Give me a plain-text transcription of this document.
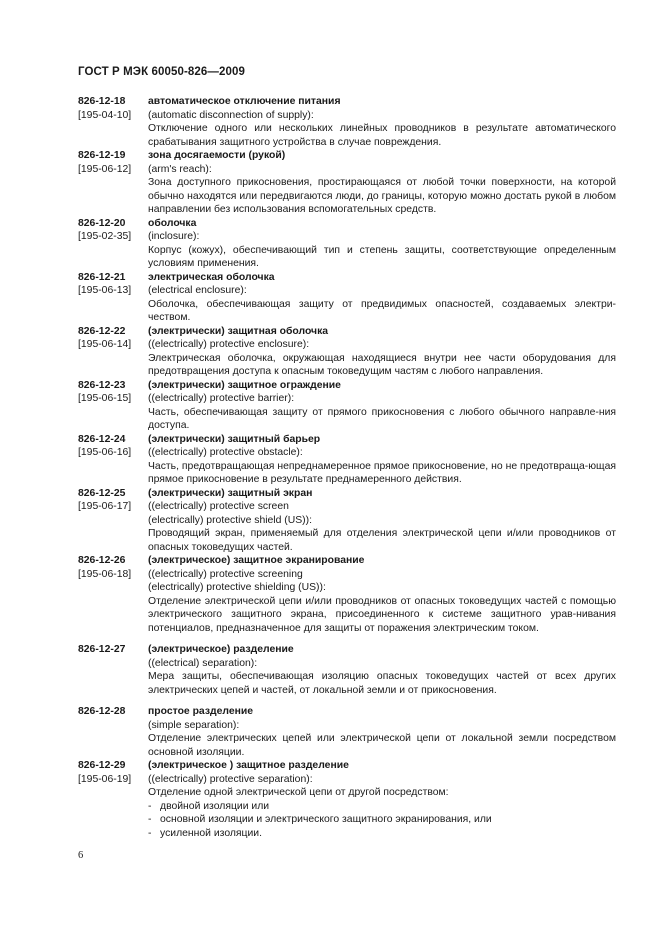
ГОСТ Р МЭК 60050-826—2009
826-12-18
[195-04-10]
автоматическое отключение питания
(automatic disconnection of supply):
Отключение одного или нескольких линейных проводников в результате автоматического срабатывания защитного устройства в случае повреждения.
826-12-19
[195-06-12]
зона досягаемости (рукой)
(arm's reach):
Зона доступного прикосновения, простирающаяся от любой точки поверхности, на которой обычно находятся или передвигаются люди, до границы, которую можно достать рукой в любом направлении без использования вспомогательных средств.
826-12-20
[195-02-35]
оболочка
(inclosure):
Корпус (кожух), обеспечивающий тип и степень защиты, соответствующие определенным условиям применения.
826-12-21
[195-06-13]
электрическая оболочка
(electrical enclosure):
Оболочка, обеспечивающая защиту от предвидимых опасностей, создаваемых электри-чеством.
826-12-22
[195-06-14]
(электрически) защитная оболочка
((electrically) protective enclosure):
Электрическая оболочка, окружающая находящиеся внутри нее части оборудования для предотвращения доступа к опасным токоведущим частям с любого направления.
826-12-23
[195-06-15]
(электрически) защитное ограждение
((electrically) protective barrier):
Часть, обеспечивающая защиту от прямого прикосновения с любого обычного направле-ния доступа.
826-12-24
[195-06-16]
(электрически) защитный барьер
((electrically) protective obstacle):
Часть, предотвращающая непреднамеренное прямое прикосновение, но не предотвраща-ющая прямое прикосновение в результате преднамеренного действия.
826-12-25
[195-06-17]
(электрически) защитный экран
((electrically) protective screen
(electrically) protective shield (US)):
Проводящий экран, применяемый для отделения электрической цепи и/или проводников от опасных токоведущих частей.
826-12-26
[195-06-18]
(электрическое) защитное экранирование
((electrically) protective screening
(electrically) protective shielding (US)):
Отделение электрической цепи и/или проводников от опасных токоведущих частей с помощью электрического защитного экрана, присоединенного к системе защитного урав-нивания потенциалов, предназначенное для защиты от поражения электрическим током.
826-12-27	(электрическое) разделение
((electrical) separation):
Мера защиты, обеспечивающая изоляцию опасных токоведущих частей от всех других электрических цепей и частей, от локальной земли и от прикосновения.
826-12-28	простое разделение
(simple separation):
Отделение электрических цепей или электрической цепи от локальной земли посредством основной изоляции.
826-12-29
[195-06-19]
(электрическое ) защитное разделение
((electrically) protective separation):
Отделение одной электрической цепи от другой посредством:
- двойной изоляции или
- основной изоляции и электрического защитного экранирования, или
- усиленной изоляции.
6
